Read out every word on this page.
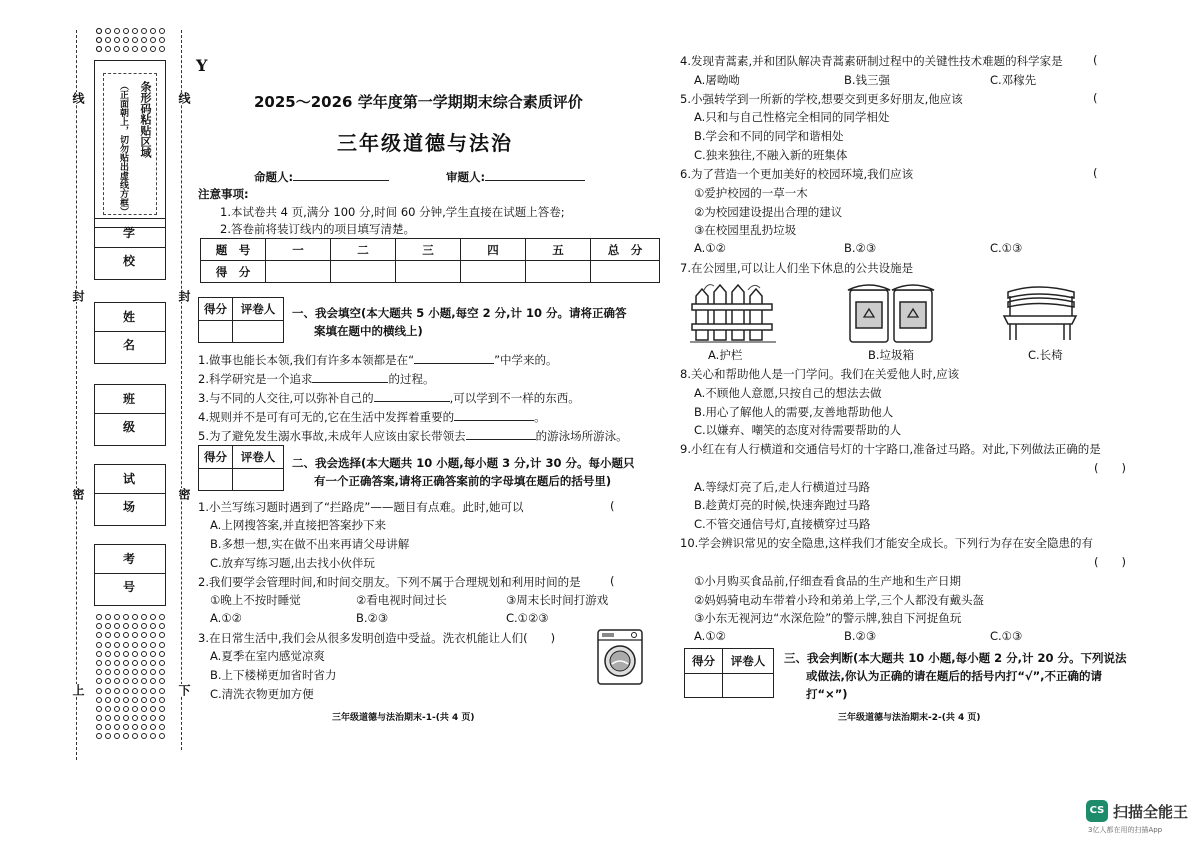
线	线
封	封
密	密
上	下
条形码粘贴区域
（正面朝上，切勿贴出虚线方框）
学 校
姓 名
班 级
试 场
考 号
Y
2025～2026 学年度第一学期期末综合素质评价
三年级道德与法治
命题人:	审题人:
注意事项:
1.本试卷共 4 页,满分 100 分,时间 60 分钟,学生直接在试题上答卷;
2.答卷前将装订线内的项目填写清楚。
题　号	一	二	三	四	五	总　分
得　分						
得分	评卷人	一、我会填空(本大题共 5 小题,每空 2 分,计 10 分。请将正确答
案填在题中的横线上)
1.做事也能长本领,我们有许多本领都是在“	”中学来的。
2.科学研究是一个追求	的过程。
3.与不同的人交往,可以弥补自己的	,可以学到不一样的东西。
4.规则并不是可有可无的,它在生活中发挥着重要的	。
5.为了避免发生溺水事故,未成年人应该由家长带领去	的游泳场所游泳。
得分	评卷人	二、我会选择(本大题共 10 小题,每小题 3 分,计 30 分。每小题只
有一个正确答案,请将正确答案前的字母填在题后的括号里)
1.小兰写练习题时遇到了“拦路虎”——题目有点难。此时,她可以	(
A.上网搜答案,并直接把答案抄下来
B.多想一想,实在做不出来再请父母讲解
C.放弃写练习题,出去找小伙伴玩
2.我们要学会管理时间,和时间交朋友。下列不属于合理规划和利用时间的是	(
①晚上不按时睡觉	②看电视时间过长	③周末长时间打游戏
A.①②	B.②③	C.①②③
3.在日常生活中,我们会从很多发明创造中受益。洗衣机能让人们(　　)
A.夏季在室内感觉凉爽
B.上下楼梯更加省时省力
C.清洗衣物更加方便
三年级道德与法治期末-1-(共 4 页)
4.发现青蒿素,并和团队解决青蒿素研制过程中的关键性技术难题的科学家是	(
A.屠呦呦	B.钱三强	C.邓稼先
5.小强转学到一所新的学校,想要交到更多好朋友,他应该	(
A.只和与自己性格完全相同的同学相处
B.学会和不同的同学和谐相处
C.独来独往,不融入新的班集体
6.为了营造一个更加美好的校园环境,我们应该	(
①爱护校园的一草一木
②为校园建设提出合理的建议
③在校园里乱扔垃圾
A.①②	B.②③	C.①③
7.在公园里,可以让人们坐下休息的公共设施是
A.护栏	B.垃圾箱	C.长椅
8.关心和帮助他人是一门学问。我们在关爱他人时,应该
A.不顾他人意愿,只按自己的想法去做
B.用心了解他人的需要,友善地帮助他人
C.以嫌弃、嘲笑的态度对待需要帮助的人
9.小红在有人行横道和交通信号灯的十字路口,准备过马路。对此,下列做法正确的是
(　　)
A.等绿灯亮了后,走人行横道过马路
B.趁黄灯亮的时候,快速奔跑过马路
C.不管交通信号灯,直接横穿过马路
10.学会辨识常见的安全隐患,这样我们才能安全成长。下列行为存在安全隐患的有
(　　)
①小月购买食品前,仔细查看食品的生产地和生产日期
②妈妈骑电动车带着小玲和弟弟上学,三个人都没有戴头盔
③小东无视河边“水深危险”的警示牌,独自下河捉鱼玩
A.①②	B.②③	C.①③
得分	评卷人	三、我会判断(本大题共 10 小题,每小题 2 分,计 20 分。下列说法
或做法,你认为正确的请在题后的括号内打“√”,不正确的请
打“×”)
三年级道德与法治期末-2-(共 4 页)
CS 扫描全能王
3亿人都在用的扫描App
